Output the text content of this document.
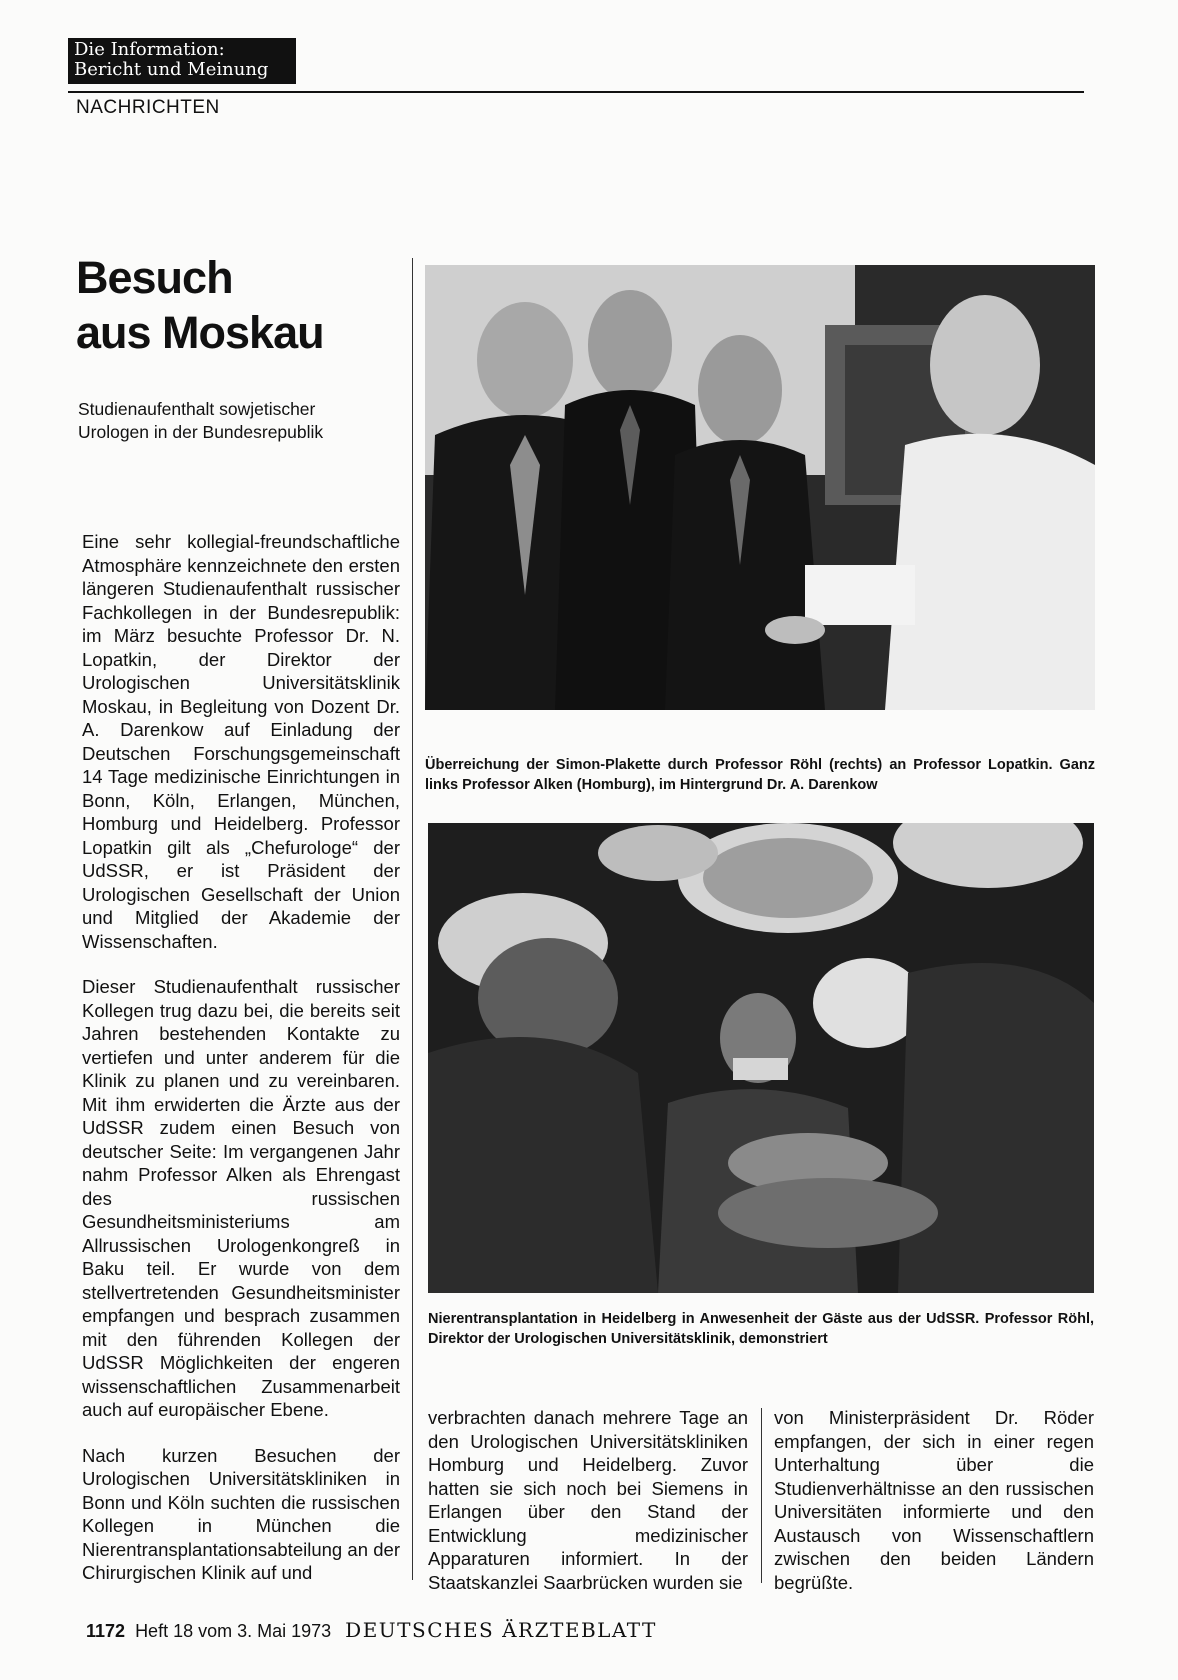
Die Information:
Bericht und Meinung
NACHRICHTEN
Besuch
aus Moskau
Studienaufenthalt sowjetischer
Urologen in der Bundesrepublik

Eine sehr kollegial-freundschaftliche Atmosphäre kennzeichnete den ersten längeren Studienaufenthalt russischer Fachkollegen in der Bundesrepublik: im März besuchte Professor Dr. N. Lopatkin, der Direktor der Urologischen Universitätsklinik Moskau, in Begleitung von Dozent Dr. A. Darenkow auf Einladung der Deutschen Forschungsgemeinschaft 14 Tage medizinische Einrichtungen in Bonn, Köln, Erlangen, München, Homburg und Heidelberg. Professor Lopatkin gilt als „Chefurologe“ der UdSSR, er ist Präsident der Urologischen Gesellschaft der Union und Mitglied der Akademie der Wissenschaften.

Dieser Studienaufenthalt russischer Kollegen trug dazu bei, die bereits seit Jahren bestehenden Kontakte zu vertiefen und unter anderem für die Klinik zu planen und zu vereinbaren. Mit ihm erwiderten die Ärzte aus der UdSSR zudem einen Besuch von deutscher Seite: Im vergangenen Jahr nahm Professor Alken als Ehrengast des russischen Gesundheitsministeriums am Allrussischen Urologenkongreß in Baku teil. Er wurde von dem stellvertretenden Gesundheitsminister empfangen und besprach zusammen mit den führenden Kollegen der UdSSR Möglichkeiten der engeren wissenschaftlichen Zusammenarbeit auch auf europäischer Ebene.

Nach kurzen Besuchen der Urologischen Universitätskliniken in Bonn und Köln suchten die russischen Kollegen in München die Nierentransplantationsabteilung an der Chirurgischen Klinik auf und

Überreichung der Simon-Plakette durch Professor Röhl (rechts) an Professor Lopatkin. Ganz links Professor Alken (Homburg), im Hintergrund Dr. A. Darenkow
Nierentransplantation in Heidelberg in Anwesenheit der Gäste aus der UdSSR. Professor Röhl, Direktor der Urologischen Universitätsklinik, demonstriert

verbrachten danach mehrere Tage an den Urologischen Universitätskliniken Homburg und Heidelberg. Zuvor hatten sie sich noch bei Siemens in Erlangen über den Stand der Entwicklung medizinischer Apparaturen informiert. In der Staatskanzlei Saarbrücken wurden sie

von Ministerpräsident Dr. Röder empfangen, der sich in einer regen Unterhaltung über die Studienverhältnisse an den russischen Universitäten informierte und den Austausch von Wissenschaftlern zwischen den beiden Ländern begrüßte.

1172 Heft 18 vom 3. Mai 1973 DEUTSCHES ÄRZTEBLATT
